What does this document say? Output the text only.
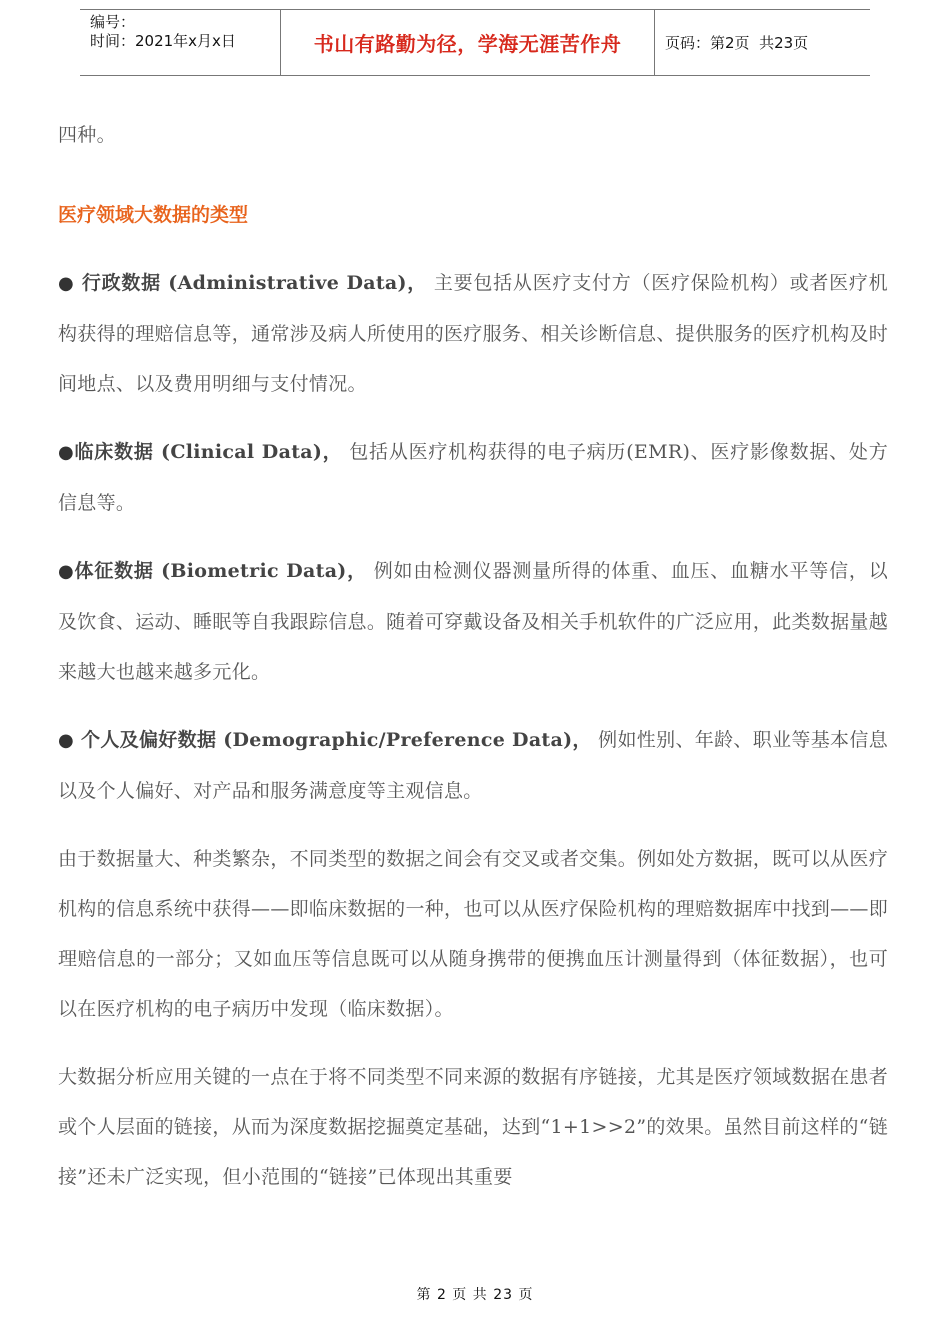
编号：
时间：2021年x月x日	书山有路勤为径，学海无涯苦作舟	页码：第2页  共23页

四种。

医疗领域大数据的类型

● 行政数据 (Administrative Data)， 主要包括从医疗支付方（医疗保险机构）或者医疗机构获得的理赔信息等，通常涉及病人所使用的医疗服务、相关诊断信息、提供服务的医疗机构及时间地点、以及费用明细与支付情况。

●临床数据 (Clinical Data)， 包括从医疗机构获得的电子病历(EMR)、医疗影像数据、处方信息等。

●体征数据 (Biometric Data)， 例如由检测仪器测量所得的体重、血压、血糖水平等信，以及饮食、运动、睡眠等自我跟踪信息。随着可穿戴设备及相关手机软件的广泛应用，此类数据量越来越大也越来越多元化。

● 个人及偏好数据 (Demographic/Preference Data)， 例如性别、年龄、职业等基本信息以及个人偏好、对产品和服务满意度等主观信息。

由于数据量大、种类繁杂，不同类型的数据之间会有交叉或者交集。例如处方数据，既可以从医疗机构的信息系统中获得——即临床数据的一种，也可以从医疗保险机构的理赔数据库中找到——即理赔信息的一部分；又如血压等信息既可以从随身携带的便携血压计测量得到（体征数据），也可以在医疗机构的电子病历中发现（临床数据）。

大数据分析应用关键的一点在于将不同类型不同来源的数据有序链接，尤其是医疗领域数据在患者或个人层面的链接，从而为深度数据挖掘奠定基础，达到“1+1>>2”的效果。虽然目前这样的“链接”还未广泛实现，但小范围的“链接”已体现出其重要

第 2 页 共 23 页
